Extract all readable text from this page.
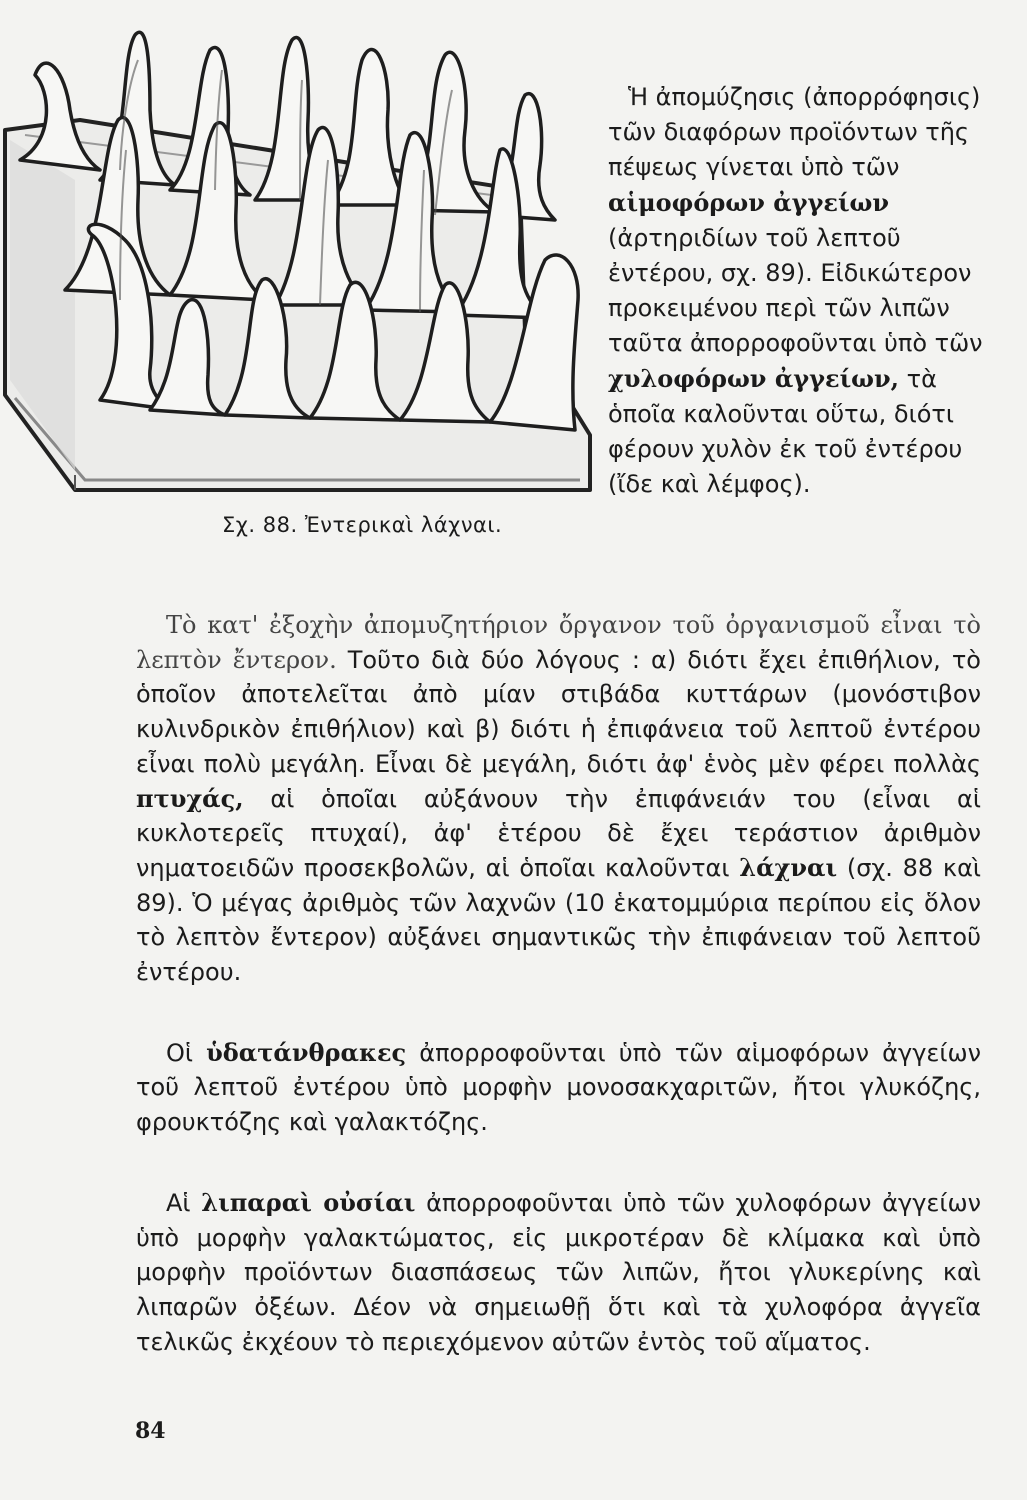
Σχ. 88. Ἐντερικαὶ λάχναι.

Ἡ ἀπομύζησις (ἀπορρόφησις) τῶν διαφόρων προϊόντων τῆς πέψεως γίνεται ὑπὸ τῶν αἱμοφόρων ἀγγείων (ἀρτηριδίων τοῦ λεπτοῦ ἐντέρου, σχ. 89). Εἰδικώτερον προκειμένου περὶ τῶν λιπῶν ταῦτα ἀπορροφοῦνται ὑπὸ τῶν χυλοφόρων ἀγγείων, τὰ ὁποῖα καλοῦνται οὕτω, διότι φέρουν χυλὸν ἐκ τοῦ ἐντέρου (ἴδε καὶ λέμφος).

Τὸ κατ' ἐξοχὴν ἀπομυζητήριον ὄργανον τοῦ ὀργανισμοῦ εἶναι τὸ λεπτὸν ἔντερον. Τοῦτο διὰ δύο λόγους : α) διότι ἔχει ἐπιθήλιον, τὸ ὁποῖον ἀποτελεῖται ἀπὸ μίαν στιβάδα κυττάρων (μονόστιβον κυλινδρικὸν ἐπιθήλιον) καὶ β) διότι ἡ ἐπιφάνεια τοῦ λεπτοῦ ἐντέρου εἶναι πολὺ μεγάλη. Εἶναι δὲ μεγάλη, διότι ἀφ' ἑνὸς μὲν φέρει πολλὰς πτυχάς, αἱ ὁποῖαι αὐξάνουν τὴν ἐπιφάνειάν του (εἶναι αἱ κυκλοτερεῖς πτυχαί), ἀφ' ἑτέρου δὲ ἔχει τεράστιον ἀριθμὸν νηματοειδῶν προσεκβολῶν, αἱ ὁποῖαι καλοῦνται λάχναι (σχ. 88 καὶ 89). Ὁ μέγας ἀριθμὸς τῶν λαχνῶν (10 ἑκατομμύρια περίπου εἰς ὅλον τὸ λεπτὸν ἔντερον) αὐξάνει σημαντικῶς τὴν ἐπιφάνειαν τοῦ λεπτοῦ ἐντέρου.

Οἱ ὑδατάνθρακες ἀπορροφοῦνται ὑπὸ τῶν αἱμοφόρων ἀγγείων τοῦ λεπτοῦ ἐντέρου ὑπὸ μορφὴν μονοσακχαριτῶν, ἤτοι γλυκόζης, φρουκτόζης καὶ γαλακτόζης.

Αἱ λιπαραὶ οὐσίαι ἀπορροφοῦνται ὑπὸ τῶν χυλοφόρων ἀγγείων ὑπὸ μορφὴν γαλακτώματος, εἰς μικροτέραν δὲ κλίμακα καὶ ὑπὸ μορφὴν προϊόντων διασπάσεως τῶν λιπῶν, ἤτοι γλυκερίνης καὶ λιπαρῶν ὀξέων. Δέον νὰ σημειωθῇ ὅτι καὶ τὰ χυλοφόρα ἀγγεῖα τελικῶς ἐκχέουν τὸ περιεχόμενον αὐτῶν ἐντὸς τοῦ αἵματος.

84
